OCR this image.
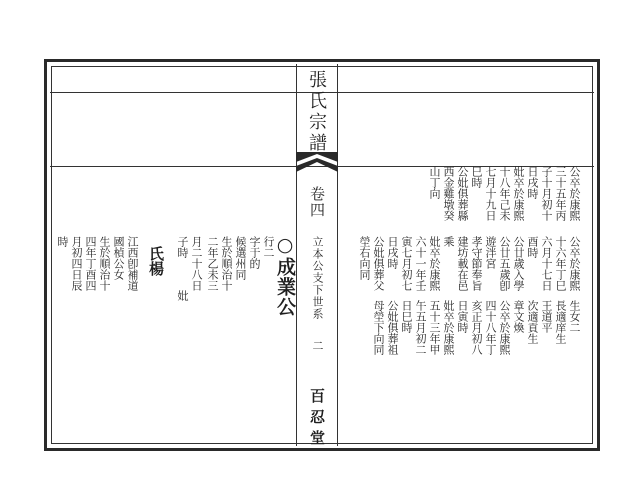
張氏宗譜
卷四
立本公支下世系
二
百忍堂
公卒於康熙
三十五年丙
子十月初十
日戌時
妣卒於康熙
十八年己未
七月十九日
巳時
公妣俱葬縣
西金雞墩癸
山丁向
生女二
長適庠生
王道平
次適貢生
章文煥
公卒於康熙
四十八年丁
亥正月初八
日寅時
妣卒於康熙
五十三年甲
午五月初二
日巳時
公妣俱葬祖
母塋下向同
公卒於康熙
十六年丁巳
六月十七日
酉時
公廿歲入學
公廿五歲卽
遊泮宮
孝守節奉旨
建坊載在邑
乘
妣卒於康熙
六十一年壬
寅七月初七
日戌時
公妣俱葬父
塋右向同
○成業公
行二
字于的
候選州同
生於順治十
二年乙未三
月二十八日
子時
妣
氏楊
江西卽補道
國楨公女
生於順治十
四年丁酉四
月初四日辰
時
